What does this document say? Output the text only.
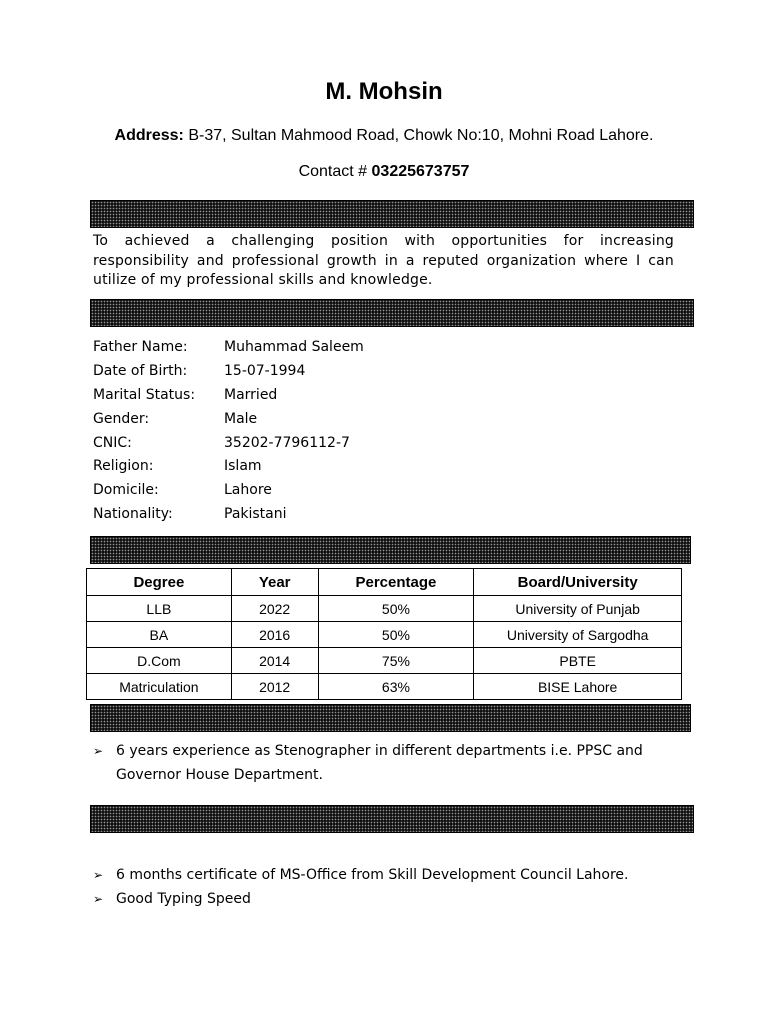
M. Mohsin
Address: B-37, Sultan Mahmood Road, Chowk No:10, Mohni Road Lahore.
Contact # 03225673757
To achieved a challenging position with opportunities for increasing responsibility and professional growth in a reputed organization where I can utilize of my professional skills and knowledge.
Father Name:	Muhammad Saleem
Date of Birth:	15-07-1994
Marital Status:	Married
Gender:	Male
CNIC:	35202-7796112-7
Religion:	Islam
Domicile:	Lahore
Nationality:	Pakistani
Degree	Year	Percentage	Board/University
LLB	2022	50%	University of Punjab
BA	2016	50%	University of Sargodha
D.Com	2014	75%	PBTE
Matriculation	2012	63%	BISE Lahore
➢ 6 years experience as Stenographer in different departments i.e. PPSC and Governor House Department.
➢ 6 months certificate of MS-Office from Skill Development Council Lahore.
➢ Good Typing Speed
